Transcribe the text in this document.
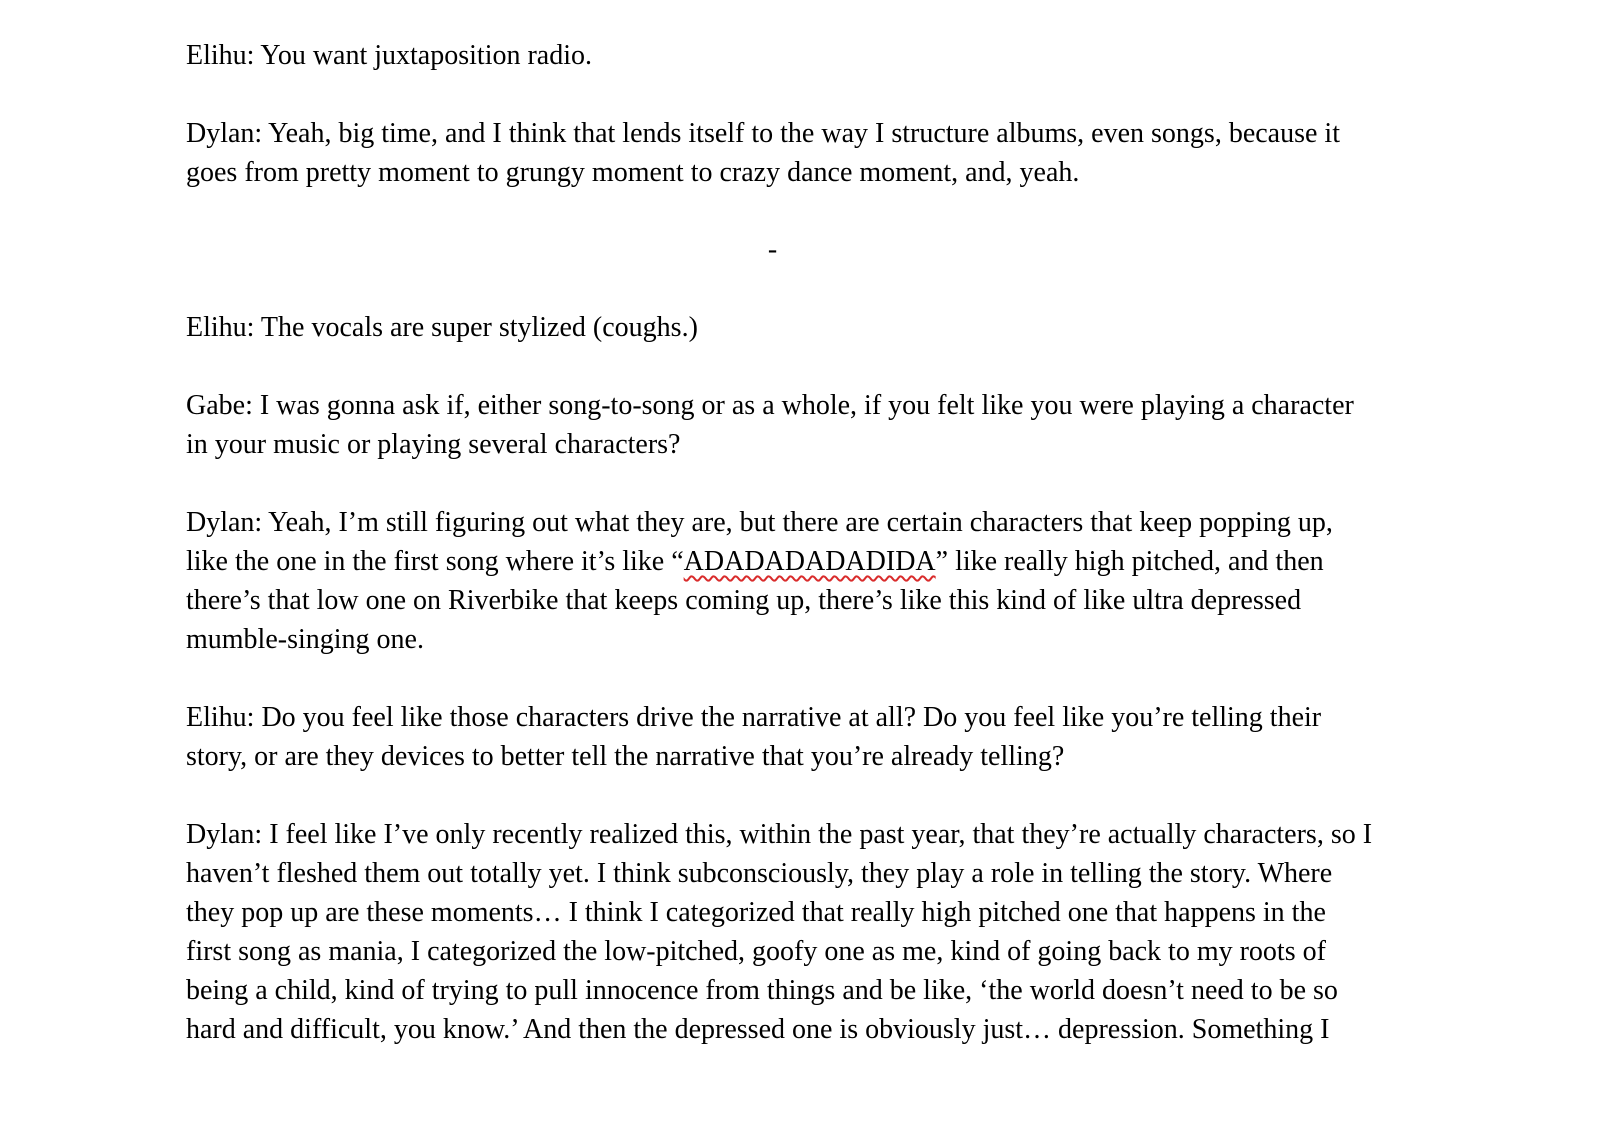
Elihu: You want juxtaposition radio.

Dylan: Yeah, big time, and I think that lends itself to the way I structure albums, even songs, because it
goes from pretty moment to grungy moment to crazy dance moment, and, yeah.

-

Elihu: The vocals are super stylized (coughs.)

Gabe: I was gonna ask if, either song-to-song or as a whole, if you felt like you were playing a character
in your music or playing several characters?

Dylan: Yeah, I’m still figuring out what they are, but there are certain characters that keep popping up,
like the one in the first song where it’s like “ADADADADADIDA” like really high pitched, and then
there’s that low one on Riverbike that keeps coming up, there’s like this kind of like ultra depressed
mumble-singing one.

Elihu: Do you feel like those characters drive the narrative at all? Do you feel like you’re telling their
story, or are they devices to better tell the narrative that you’re already telling?

Dylan: I feel like I’ve only recently realized this, within the past year, that they’re actually characters, so I
haven’t fleshed them out totally yet. I think subconsciously, they play a role in telling the story. Where
they pop up are these moments… I think I categorized that really high pitched one that happens in the
first song as mania, I categorized the low-pitched, goofy one as me, kind of going back to my roots of
being a child, kind of trying to pull innocence from things and be like, ‘the world doesn’t need to be so
hard and difficult, you know.’ And then the depressed one is obviously just… depression. Something I
